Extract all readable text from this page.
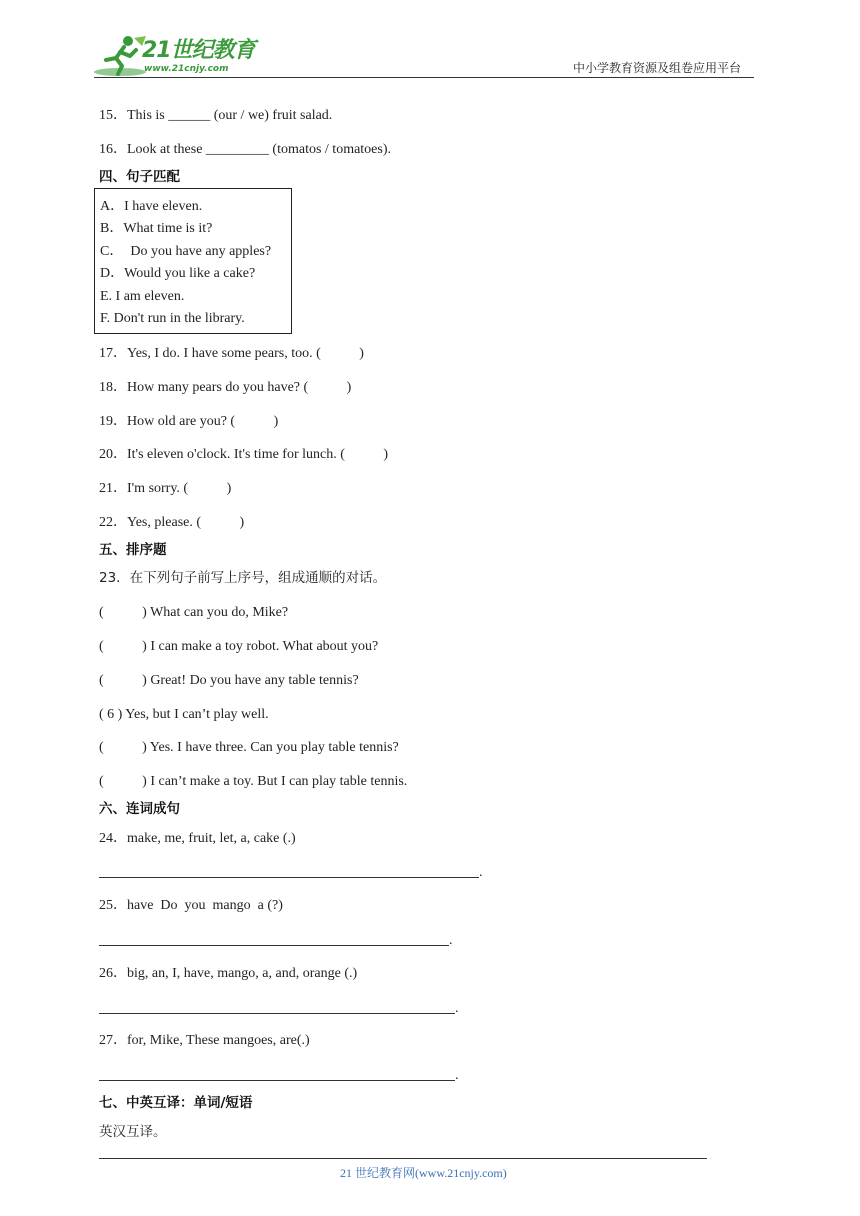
21世纪教育
www.21cnjy.com	中小学教育资源及组卷应用平台
15．This is ______ (our / we) fruit salad.
16．Look at these _________ (tomatos / tomatoes).
四、句子匹配
A．I have eleven.
B．What time is it?
C．  Do you have any apples?
D．Would you like a cake?
E. I am eleven.
F. Don't run in the library.
17．Yes, I do. I have some pears, too. (           )
18．How many pears do you have? (           )
19．How old are you? (           )
20．It's eleven o'clock. It's time for lunch. (           )
21．I'm sorry. (           )
22．Yes, please. (           )
五、排序题
23．在下列句子前写上序号，组成通顺的对话。
(           ) What can you do, Mike?
(           ) I can make a toy robot. What about you?
(           ) Great! Do you have any table tennis?
( 6 ) Yes, but I can’t play well.
(           ) Yes. I have three. Can you play table tennis?
(           ) I can’t make a toy. But I can play table tennis.
六、连词成句
24．make, me, fruit, let, a, cake (.)
.
25．have  Do  you  mango  a (?)
.
26．big, an, I, have, mango, a, and, orange (.)
.
27．for, Mike, These mangoes, are(.)
.
七、中英互译：单词/短语
英汉互译。
21 世纪教育网(www.21cnjy.com)
